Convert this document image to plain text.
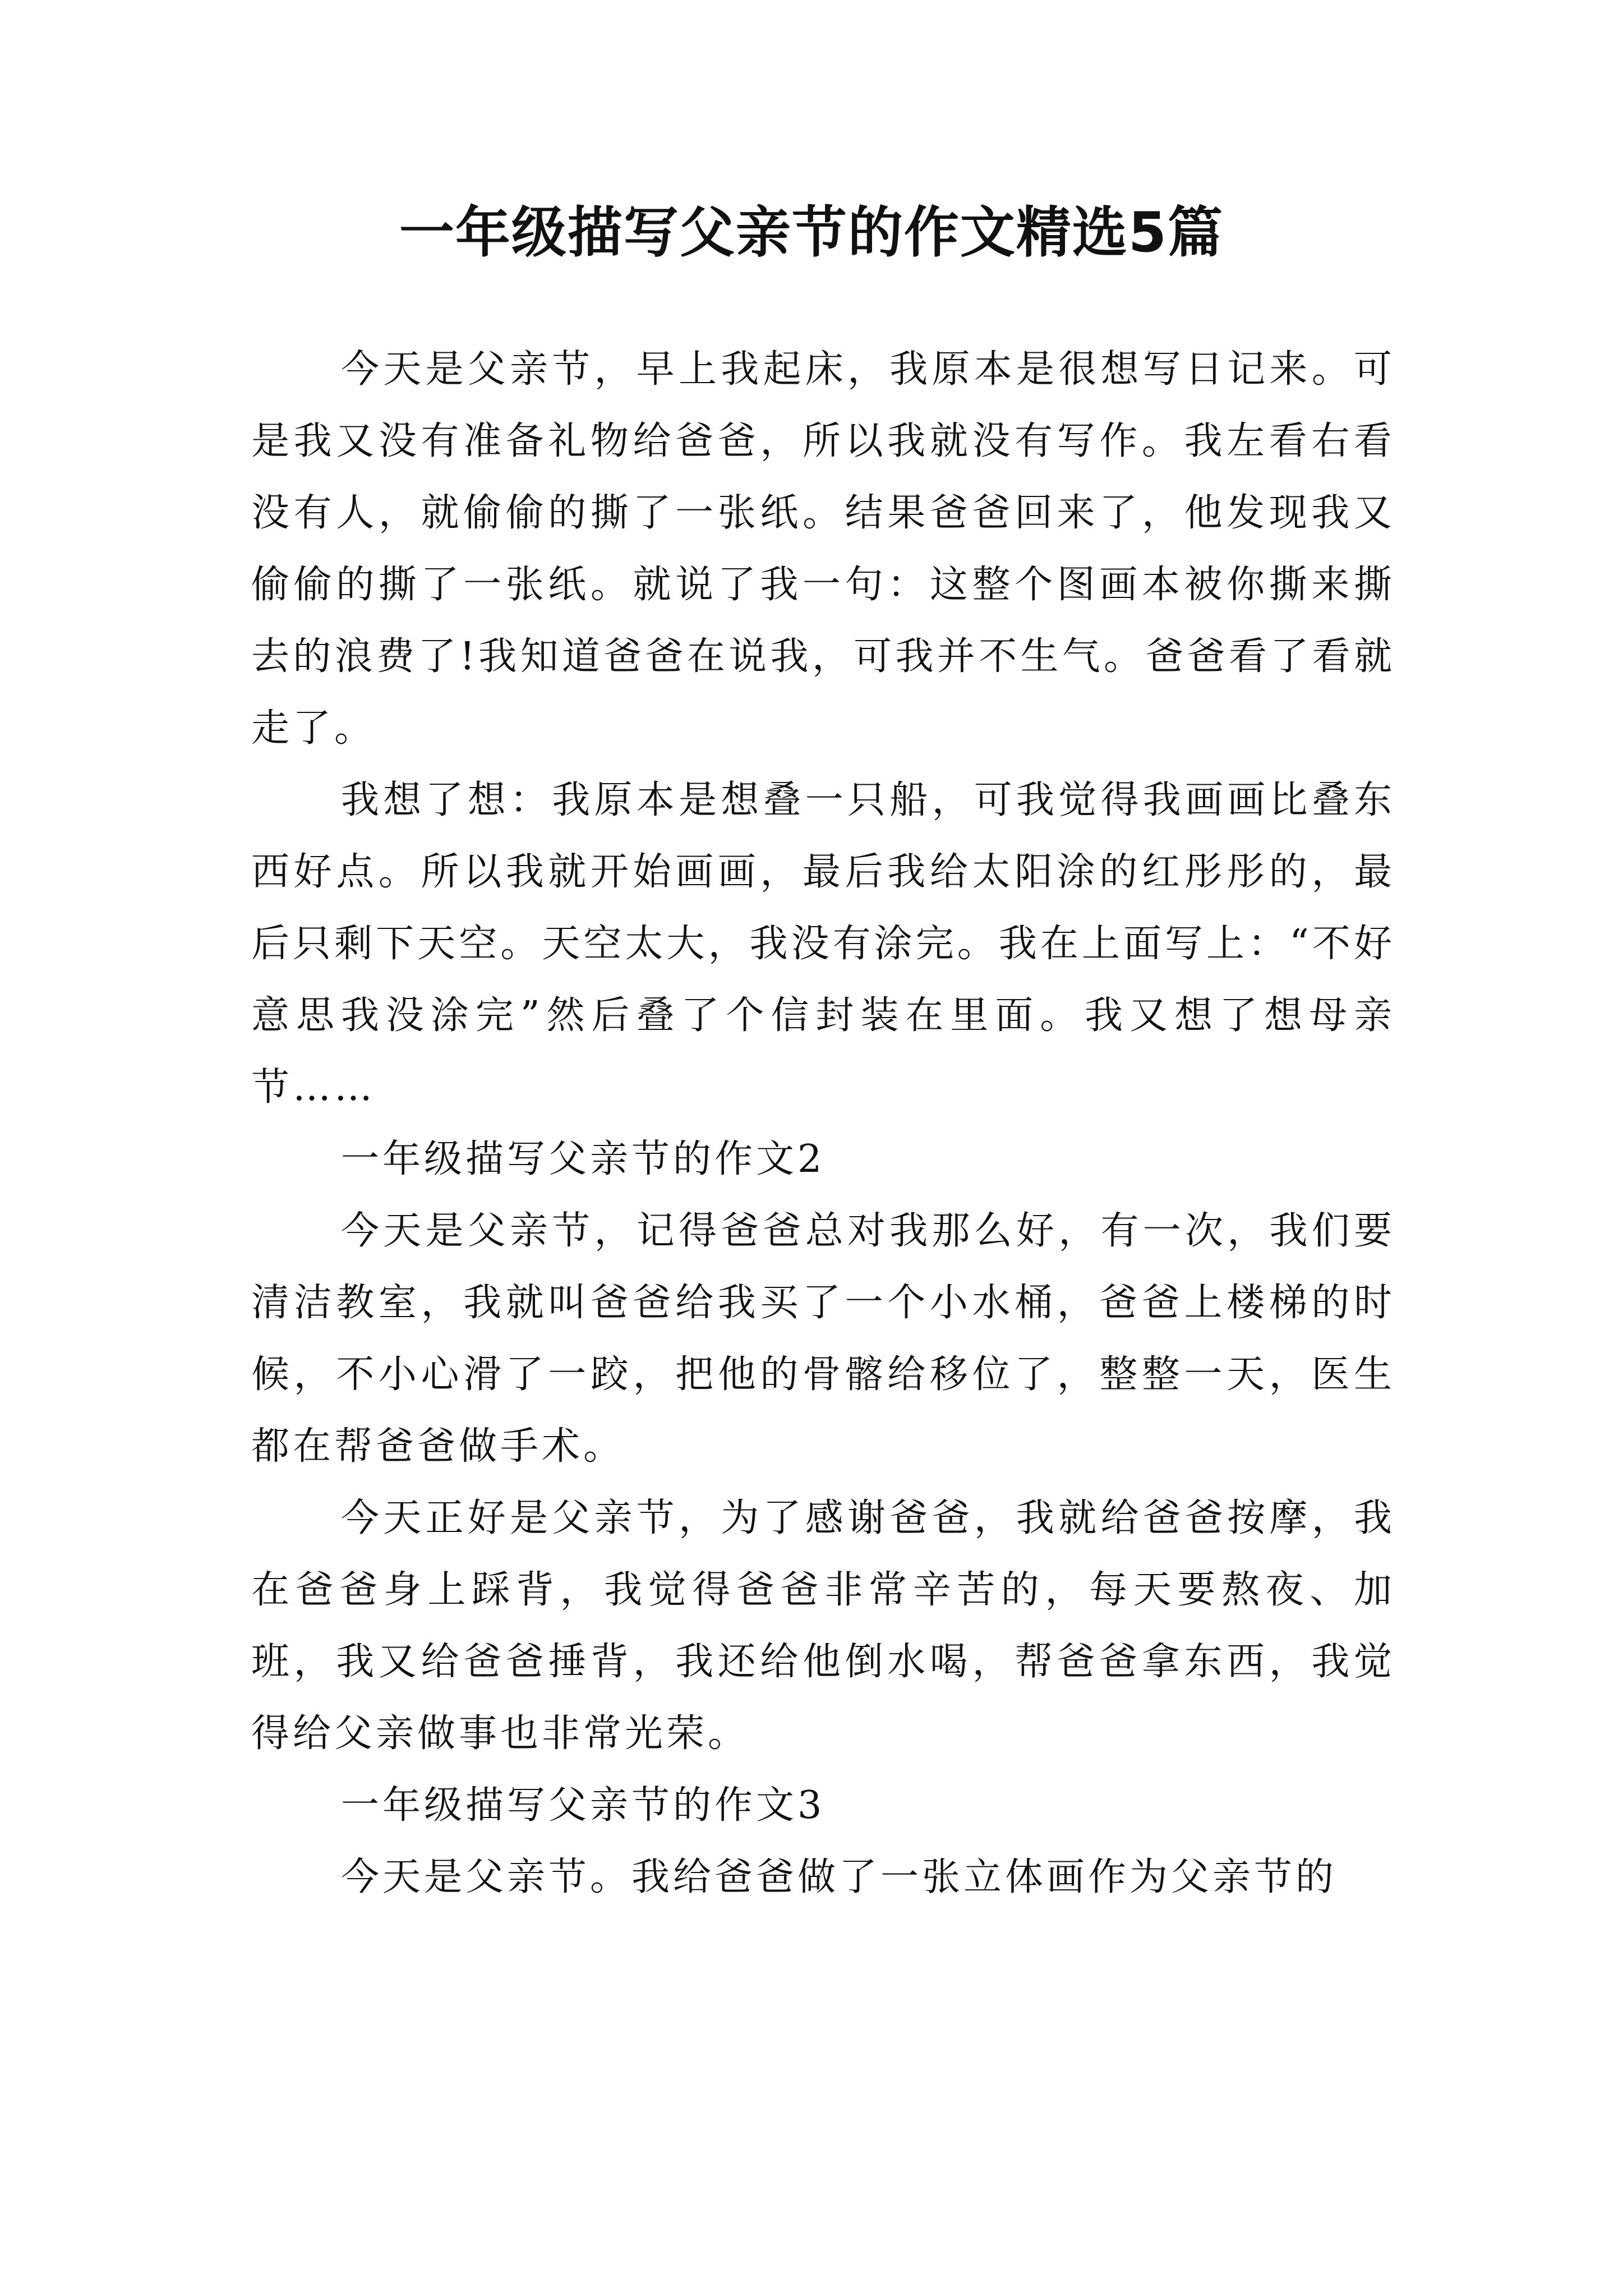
一年级描写父亲节的作文精选5篇

今天是父亲节，早上我起床，我原本是很想写日记来。可是我又没有准备礼物给爸爸，所以我就没有写作。我左看右看没有人，就偷偷的撕了一张纸。结果爸爸回来了，他发现我又偷偷的撕了一张纸。就说了我一句：这整个图画本被你撕来撕去的浪费了!我知道爸爸在说我，可我并不生气。爸爸看了看就走了。

我想了想：我原本是想叠一只船，可我觉得我画画比叠东西好点。所以我就开始画画，最后我给太阳涂的红彤彤的，最后只剩下天空。天空太大，我没有涂完。我在上面写上：“不好意思我没涂完”然后叠了个信封装在里面。我又想了想母亲节……

一年级描写父亲节的作文2

今天是父亲节，记得爸爸总对我那么好，有一次，我们要清洁教室，我就叫爸爸给我买了一个小水桶，爸爸上楼梯的时候，不小心滑了一跤，把他的骨髂给移位了，整整一天，医生都在帮爸爸做手术。

今天正好是父亲节，为了感谢爸爸，我就给爸爸按摩，我在爸爸身上踩背，我觉得爸爸非常辛苦的，每天要熬夜、加班，我又给爸爸捶背，我还给他倒水喝，帮爸爸拿东西，我觉得给父亲做事也非常光荣。

一年级描写父亲节的作文3

今天是父亲节。我给爸爸做了一张立体画作为父亲节的
